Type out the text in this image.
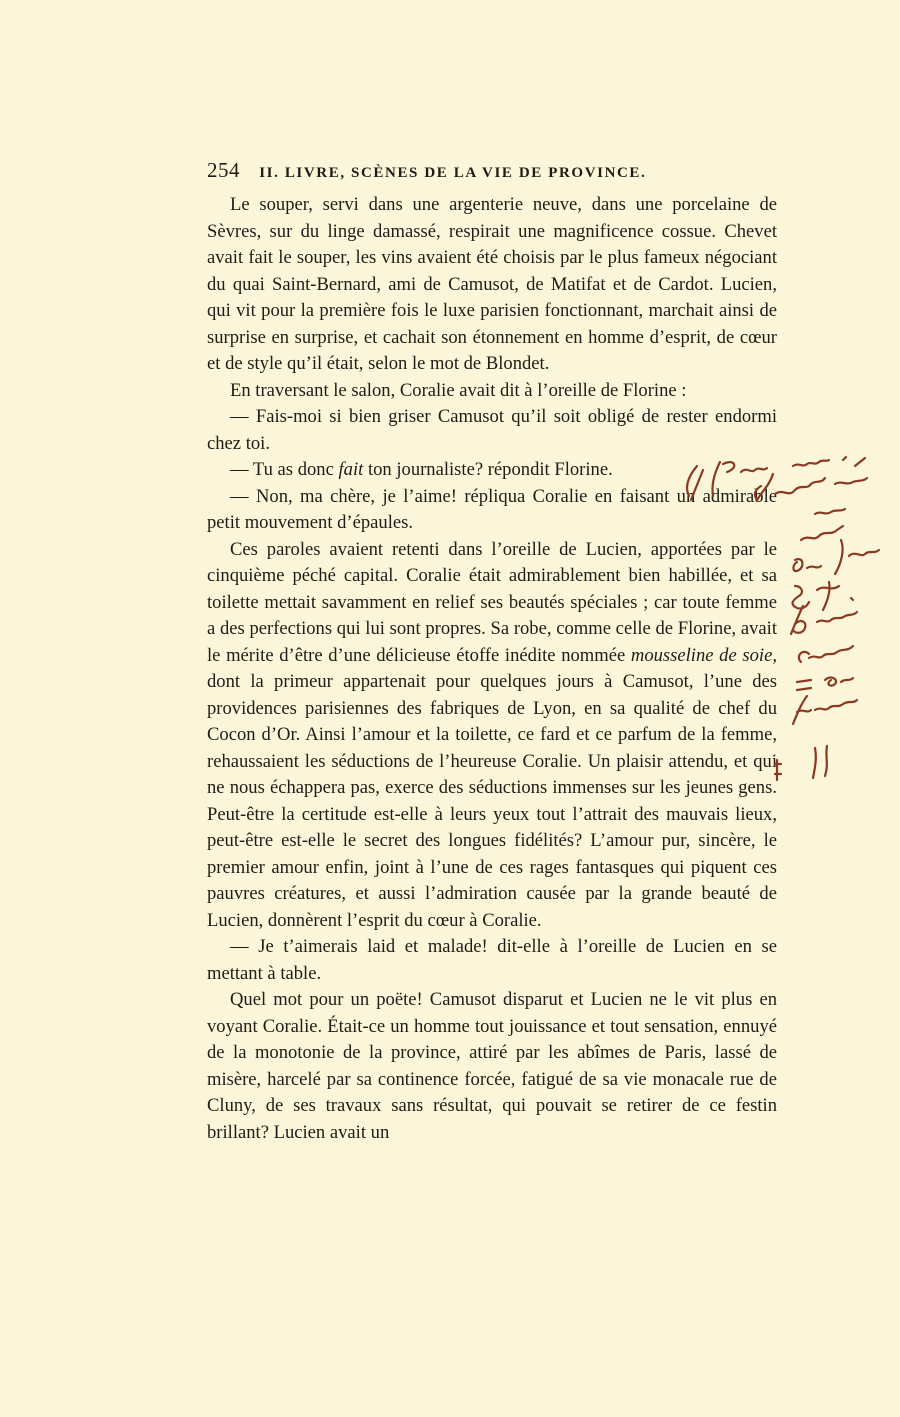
254 II. LIVRE, SCÈNES DE LA VIE DE PROVINCE.

Le souper, servi dans une argenterie neuve, dans une porcelaine de Sèvres, sur du linge damassé, respirait une magnificence cossue. Chevet avait fait le souper, les vins avaient été choisis par le plus fameux négociant du quai Saint-Bernard, ami de Camusot, de Matifat et de Cardot. Lucien, qui vit pour la première fois le luxe parisien fonctionnant, marchait ainsi de surprise en surprise, et cachait son étonnement en homme d’esprit, de cœur et de style qu’il était, selon le mot de Blondet.

En traversant le salon, Coralie avait dit à l’oreille de Florine :

— Fais-moi si bien griser Camusot qu’il soit obligé de rester endormi chez toi.

— Tu as donc fait ton journaliste? répondit Florine.

— Non, ma chère, je l’aime! répliqua Coralie en faisant un admirable petit mouvement d’épaules.

Ces paroles avaient retenti dans l’oreille de Lucien, apportées par le cinquième péché capital. Coralie était admirablement bien habillée, et sa toilette mettait savamment en relief ses beautés spéciales ; car toute femme a des perfections qui lui sont propres. Sa robe, comme celle de Florine, avait le mérite d’être d’une délicieuse étoffe inédite nommée mousseline de soie, dont la primeur appartenait pour quelques jours à Camusot, l’une des providences parisiennes des fabriques de Lyon, en sa qualité de chef du Cocon d’Or. Ainsi l’amour et la toilette, ce fard et ce parfum de la femme, rehaussaient les séductions de l’heureuse Coralie. Un plaisir attendu, et qui ne nous échappera pas, exerce des séductions immenses sur les jeunes gens. Peut-être la certitude est-elle à leurs yeux tout l’attrait des mauvais lieux, peut-être est-elle le secret des longues fidélités? L’amour pur, sincère, le premier amour enfin, joint à l’une de ces rages fantasques qui piquent ces pauvres créatures, et aussi l’admiration causée par la grande beauté de Lucien, donnèrent l’esprit du cœur à Coralie.

— Je t’aimerais laid et malade! dit-elle à l’oreille de Lucien en se mettant à table.

Quel mot pour un poëte! Camusot disparut et Lucien ne le vit plus en voyant Coralie. Était-ce un homme tout jouissance et tout sensation, ennuyé de la monotonie de la province, attiré par les abîmes de Paris, lassé de misère, harcelé par sa continence forcée, fatigué de sa vie monacale rue de Cluny, de ses travaux sans résultat, qui pouvait se retirer de ce festin brillant? Lucien avait un
